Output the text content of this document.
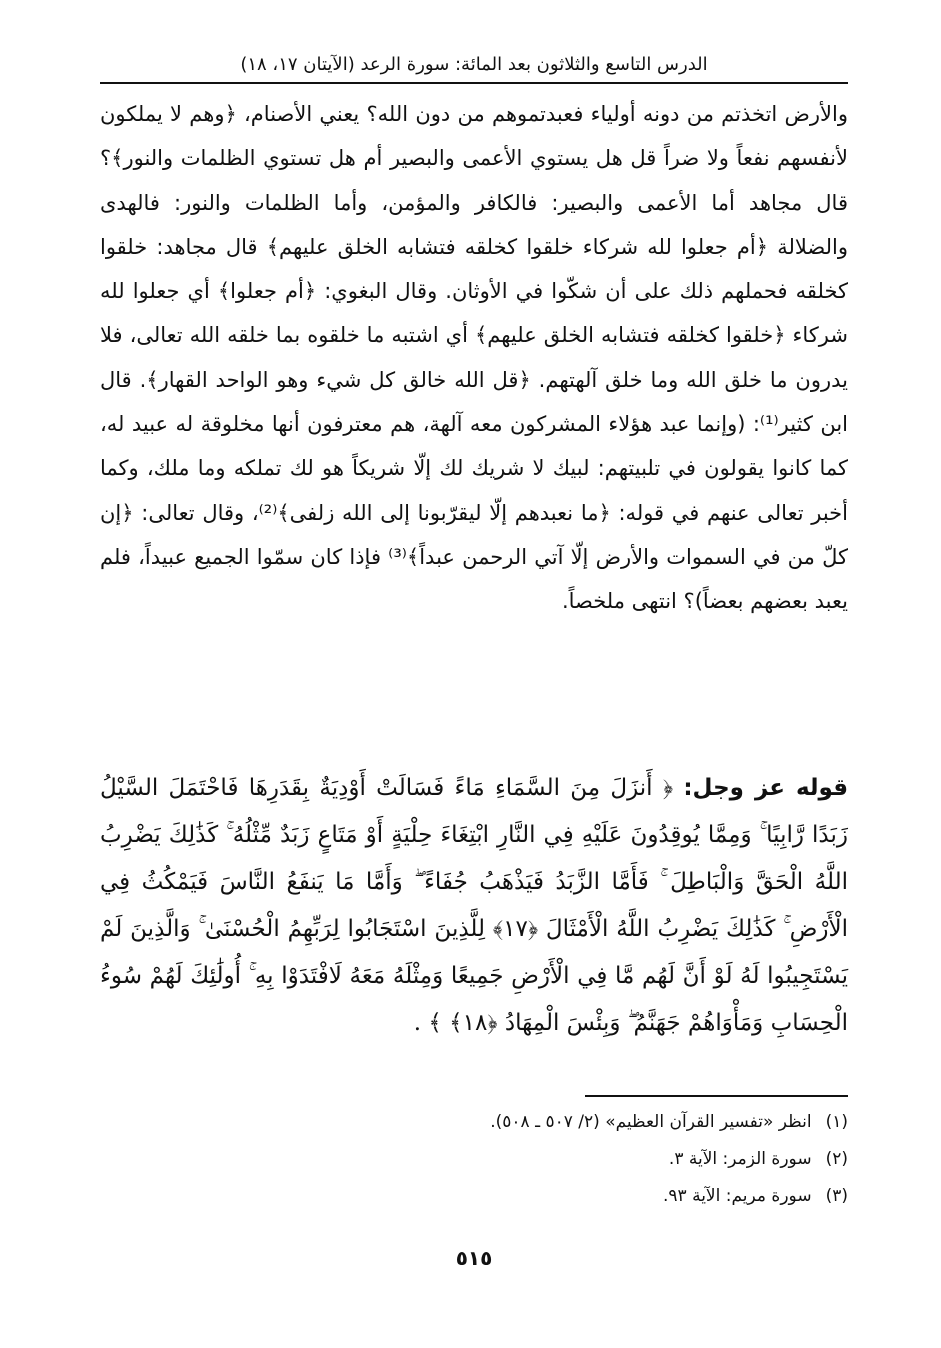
الدرس التاسع والثلاثون بعد المائة: سورة الرعد (الآيتان ١٧، ١٨)

والأرض اتخذتم من دونه أولياء فعبدتموهم من دون الله؟ يعني الأصنام، ﴿وهم لا يملكون لأنفسهم نفعاً ولا ضراً قل هل يستوي الأعمى والبصير أم هل تستوي الظلمات والنور﴾؟ قال مجاهد أما الأعمى والبصير: فالكافر والمؤمن، وأما الظلمات والنور: فالهدى والضلالة ﴿أم جعلوا لله شركاء خلقوا كخلقه فتشابه الخلق عليهم﴾ قال مجاهد: خلقوا كخلقه فحملهم ذلك على أن شكّوا في الأوثان. وقال البغوي: ﴿أم جعلوا﴾ أي جعلوا لله شركاء ﴿خلقوا كخلقه فتشابه الخلق عليهم﴾ أي اشتبه ما خلقوه بما خلقه الله تعالى، فلا يدرون ما خلق الله وما خلق آلهتهم. ﴿قل الله خالق كل شيء وهو الواحد القهار﴾. قال ابن كثير⁽¹⁾: (وإنما عبد هؤلاء المشركون معه آلهة، هم معترفون أنها مخلوقة له عبيد له، كما كانوا يقولون في تلبيتهم: لبيك لا شريك لك إلّا شريكاً هو لك تملكه وما ملك، وكما أخبر تعالى عنهم في قوله: ﴿ما نعبدهم إلّا ليقرّبونا إلى الله زلفى﴾⁽²⁾، وقال تعالى: ﴿إن كلّ من في السموات والأرض إلّا آتي الرحمن عبداً﴾⁽³⁾ فإذا كان سمّوا الجميع عبيداً، فلم يعبد بعضهم بعضاً)؟ انتهى ملخصاً.

قوله عز وجل: ﴿ أَنزَلَ مِنَ السَّمَاءِ مَاءً فَسَالَتْ أَوْدِيَةٌ بِقَدَرِهَا فَاحْتَمَلَ السَّيْلُ زَبَدًا رَّابِيًا ۚ وَمِمَّا يُوقِدُونَ عَلَيْهِ فِي النَّارِ ابْتِغَاءَ حِلْيَةٍ أَوْ مَتَاعٍ زَبَدٌ مِّثْلُهُ ۚ كَذَٰلِكَ يَضْرِبُ اللَّهُ الْحَقَّ وَالْبَاطِلَ ۚ فَأَمَّا الزَّبَدُ فَيَذْهَبُ جُفَاءً ۖ وَأَمَّا مَا يَنفَعُ النَّاسَ فَيَمْكُثُ فِي الْأَرْضِ ۚ كَذَٰلِكَ يَضْرِبُ اللَّهُ الْأَمْثَالَ ﴿١٧﴾ لِلَّذِينَ اسْتَجَابُوا لِرَبِّهِمُ الْحُسْنَىٰ ۚ وَالَّذِينَ لَمْ يَسْتَجِيبُوا لَهُ لَوْ أَنَّ لَهُم مَّا فِي الْأَرْضِ جَمِيعًا وَمِثْلَهُ مَعَهُ لَافْتَدَوْا بِهِ ۚ أُولَٰئِكَ لَهُمْ سُوءُ الْحِسَابِ وَمَأْوَاهُمْ جَهَنَّمُ ۖ وَبِئْسَ الْمِهَادُ ﴿١٨﴾ ﴾ .

(١)انظر «تفسير القرآن العظيم» (٢/ ٥٠٧ ـ ٥٠٨).
(٢)سورة الزمر: الآية ٣.
(٣)سورة مريم: الآية ٩٣.
٥١٥
